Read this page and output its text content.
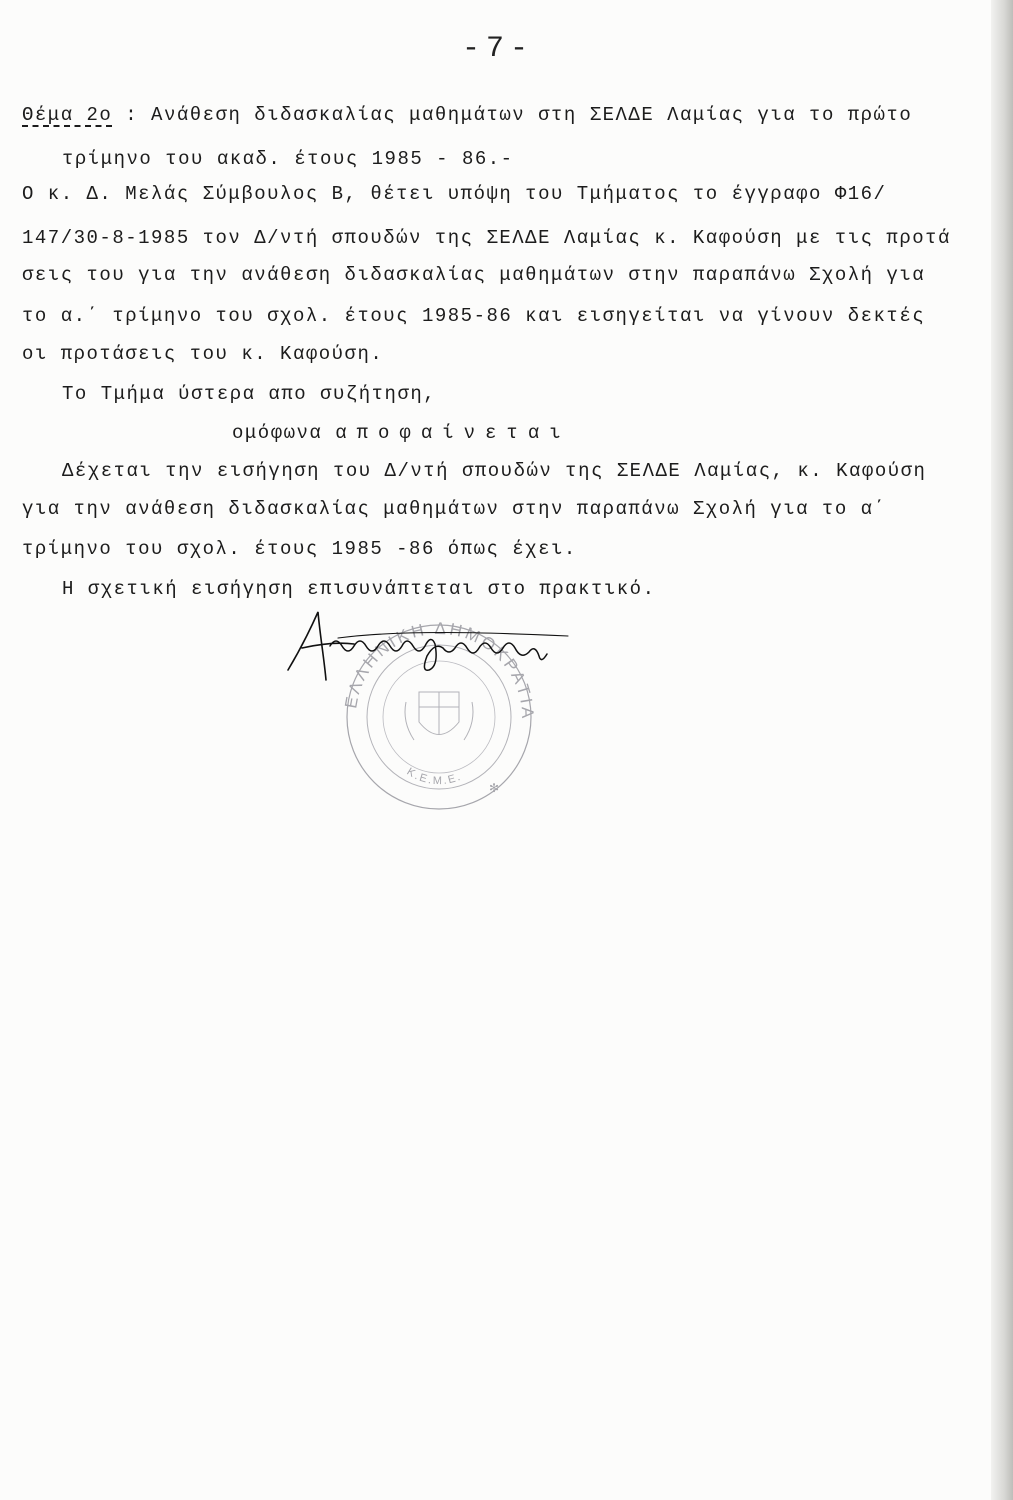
-7-
Θέμα 2ο : Ανάθεση διδασκαλίας μαθημάτων στη ΣΕΛΔΕ Λαμίας για το πρώτο
τρίμηνο του ακαδ. έτους 1985 - 86.-
Ο κ. Δ. Μελάς Σύμβουλος Β, θέτει υπόψη του Τμήματος το έγγραφο Φ16/
147/30-8-1985 τον Δ/ντή σπουδών της ΣΕΛΔΕ Λαμίας κ. Καφούση με τις προτά
σεις του για την ανάθεση διδασκαλίας μαθημάτων στην παραπάνω Σχολή για
το α.΄ τρίμηνο του σχολ. έτους 1985-86 και εισηγείται να γίνουν δεκτές
οι προτάσεις του κ. Καφούση.
Το Τμήμα ύστερα απο συζήτηση,
ομόφωνα αποφαίνεται
Δέχεται την εισήγηση του Δ/ντή σπουδών της ΣΕΛΔΕ Λαμίας, κ. Καφούση
για την ανάθεση διδασκαλίας μαθημάτων στην παραπάνω Σχολή για το α΄
τρίμηνο του σχολ. έτους 1985 -86 όπως έχει.
Η σχετική εισήγηση επισυνάπτεται στο πρακτικό.
ΕΛΛΗΝΙΚΗ ΔΗΜΟΚΡΑΤΙΑ
Κ.Ε.Μ.Ε.
✻
